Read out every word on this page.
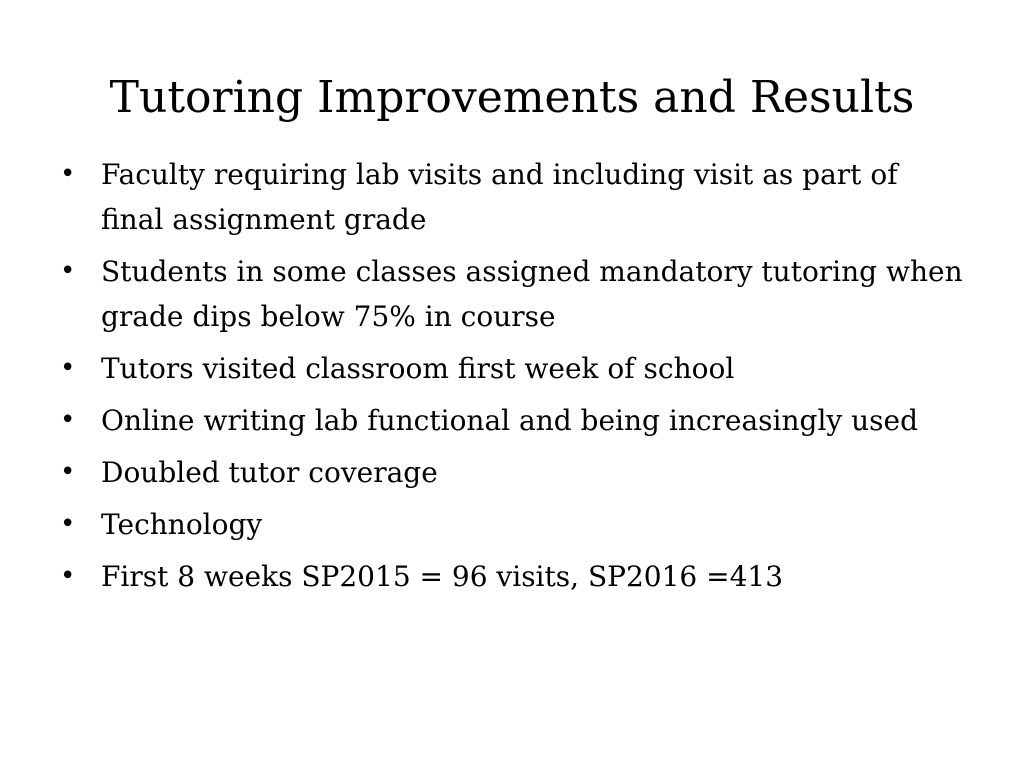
Tutoring Improvements and Results
• Faculty requiring lab visits and including visit as part of final assignment grade
• Students in some classes assigned mandatory tutoring when grade dips below 75% in course
• Tutors visited classroom first week of school
• Online writing lab functional and being increasingly used
• Doubled tutor coverage
• Technology
• First 8 weeks SP2015 = 96 visits, SP2016 =413
